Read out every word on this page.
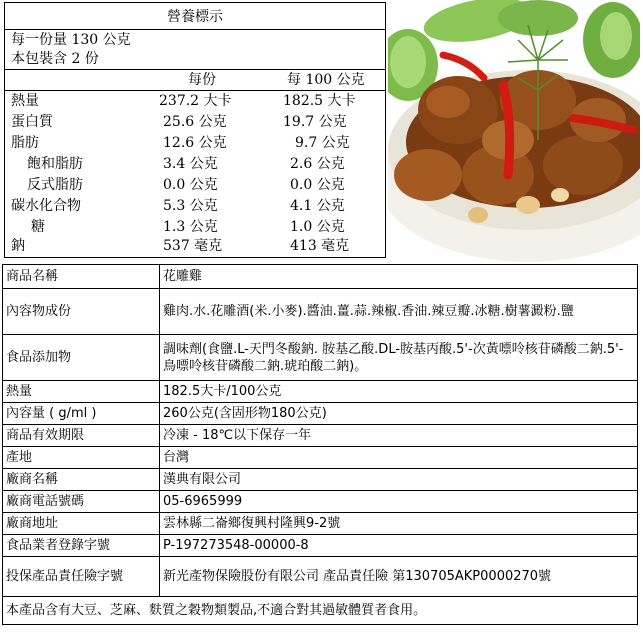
營養標示
每一份量 130 公克
本包裝含 2 份
每份	每 100 公克
熱量	237.2 大卡	182.5 大卡
蛋白質	25.6 公克	19.7 公克
脂肪	12.6 公克	9.7 公克
飽和脂肪	3.4 公克	2.6 公克
反式脂肪	0.0 公克	0.0 公克
碳水化合物	5.3 公克	4.1 公克
糖	1.3 公克	1.0 公克
鈉	537 毫克	413 毫克
商品名稱	花雕雞
內容物成份	雞肉.水.花雕酒(米.小麥).醬油.薑.蒜.辣椒.香油.辣豆瓣.冰糖.樹薯澱粉.鹽
食品添加物	調味劑(食鹽.L-天門冬酸鈉. 胺基乙酸.DL-胺基丙酸.5'-次黃嘌呤核苷磷酸二鈉.5'-鳥嘌呤核苷磷酸二鈉.琥珀酸二鈉)。
熱量	182.5大卡/100公克
內容量 ( g/ml )	260公克(含固形物180公克)
商品有效期限	冷凍 - 18℃以下保存一年
產地	台灣
廠商名稱	漢典有限公司
廠商電話號碼	05-6965999
廠商地址	雲林縣二崙鄉復興村隆興9-2號
食品業者登錄字號	P-197273548-00000-8
投保產品責任險字號	新光產物保險股份有限公司 產品責任險 第130705AKP0000270號
本產品含有大豆、芝麻、麩質之穀物類製品,不適合對其過敏體質者食用。	
